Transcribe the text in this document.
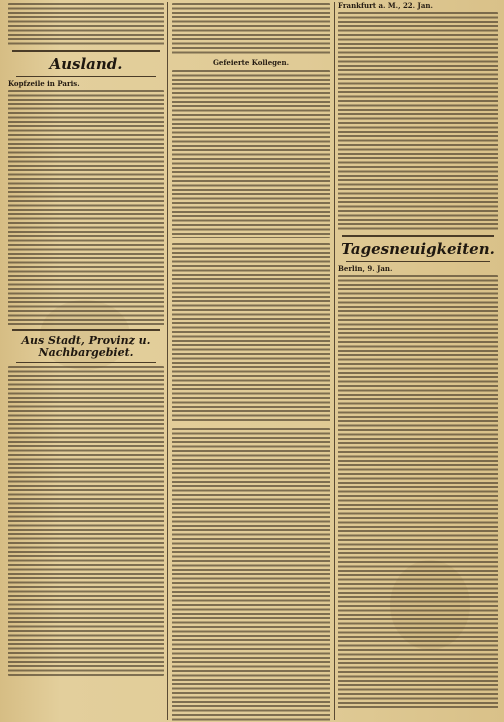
Ausland.
Kopfzeile in Paris.
Aus Stadt, Provinz u. Nachbargebiet.
Gefeierte Kollegen.
Frankfurt a. M., 22. Jan.
Tagesneuigkeiten.
Berlin, 9. Jan.
